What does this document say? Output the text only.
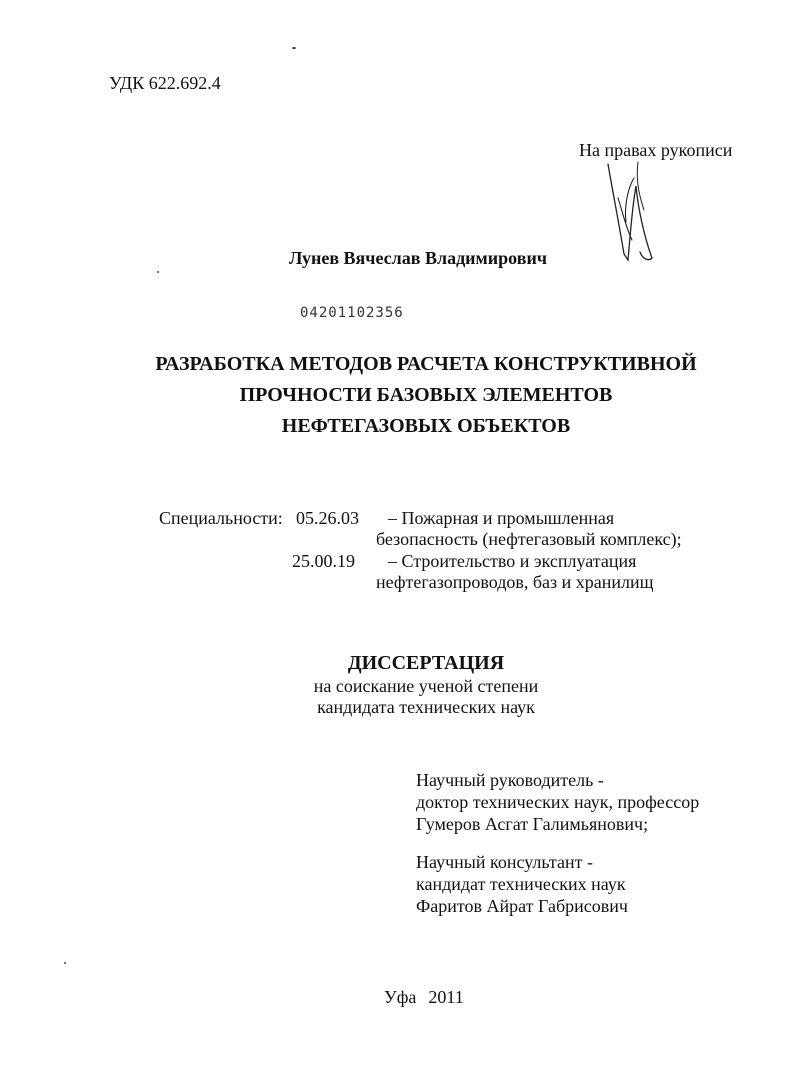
УДК 622.692.4
На правах рукописи
Лунев Вячеслав Владимирович
04201102356
РАЗРАБОТКА МЕТОДОВ РАСЧЕТА КОНСТРУКТИВНОЙ
ПРОЧНОСТИ БАЗОВЫХ ЭЛЕМЕНТОВ
НЕФТЕГАЗОВЫХ ОБЪЕКТОВ
Специальности: 05.26.03 – Пожарная и промышленная
безопасность (нефтегазовый комплекс);
25.00.19 – Строительство и эксплуатация
нефтегазопроводов, баз и хранилищ
ДИССЕРТАЦИЯ
на соискание ученой степени
кандидата технических наук
Научный руководитель -
доктор технических наук, профессор
Гумеров Асгат Галимьянович;
Научный консультант -
кандидат технических наук
Фаритов Айрат Габрисович
Уфа 2011
